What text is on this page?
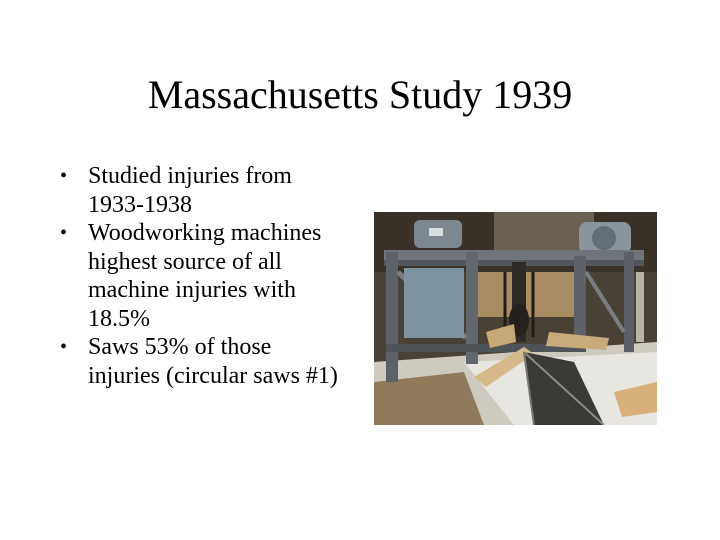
Massachusetts Study 1939
• Studied injuries from 1933-1938
• Woodworking machines highest source of all machine injuries with 18.5%
• Saws 53% of those injuries (circular saws #1)
